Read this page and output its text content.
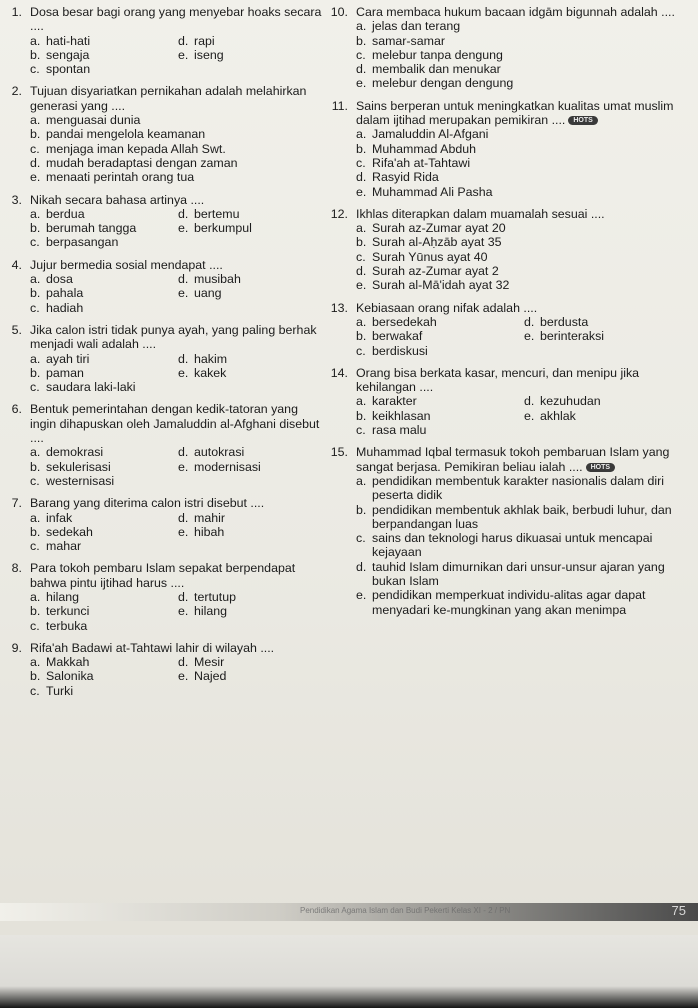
1. Dosa besar bagi orang yang menyebar hoaks secara ....
a. hati-hati	d. rapi
b. sengaja	e. iseng
c. spontan
2. Tujuan disyariatkan pernikahan adalah melahirkan generasi yang ....
a. menguasai dunia
b. pandai mengelola keamanan
c. menjaga iman kepada Allah Swt.
d. mudah beradaptasi dengan zaman
e. menaati perintah orang tua
3. Nikah secara bahasa artinya ....
a. berdua	d. bertemu
b. berumah tangga	e. berkumpul
c. berpasangan
4. Jujur bermedia sosial mendapat ....
a. dosa	d. musibah
b. pahala	e. uang
c. hadiah
5. Jika calon istri tidak punya ayah, yang paling berhak menjadi wali adalah ....
a. ayah tiri	d. hakim
b. paman	e. kakek
c. saudara laki-laki
6. Bentuk pemerintahan dengan kedik-tatoran yang ingin dihapuskan oleh Jamaluddin al-Afghani disebut ....
a. demokrasi	d. autokrasi
b. sekulerisasi	e. modernisasi
c. westernisasi
7. Barang yang diterima calon istri disebut ....
a. infak	d. mahir
b. sedekah	e. hibah
c. mahar
8. Para tokoh pembaru Islam sepakat berpendapat bahwa pintu ijtihad harus ....
a. hilang	d. tertutup
b. terkunci	e. hilang
c. terbuka
9. Rifa'ah Badawi at-Tahtawi lahir di wilayah ....
a. Makkah	d. Mesir
b. Salonika	e. Najed
c. Turki
10. Cara membaca hukum bacaan idgām bigunnah adalah ....
a. jelas dan terang
b. samar-samar
c. melebur tanpa dengung
d. membalik dan menukar
e. melebur dengan dengung
11. Sains berperan untuk meningkatkan kualitas umat muslim dalam ijtihad merupakan pemikiran .... HOTS
a. Jamaluddin Al-Afgani
b. Muhammad Abduh
c. Rifa'ah at-Tahtawi
d. Rasyid Rida
e. Muhammad Ali Pasha
12. Ikhlas diterapkan dalam muamalah sesuai ....
a. Surah az-Zumar ayat 20
b. Surah al-Aḥzāb ayat 35
c. Surah Yūnus ayat 40
d. Surah az-Zumar ayat 2
e. Surah al-Mā'idah ayat 32
13. Kebiasaan orang nifak adalah ....
a. bersedekah	d. berdusta
b. berwakaf	e. berinteraksi
c. berdiskusi
14. Orang bisa berkata kasar, mencuri, dan menipu jika kehilangan ....
a. karakter	d. kezuhudan
b. keikhlasan	e. akhlak
c. rasa malu
15. Muhammad Iqbal termasuk tokoh pembaruan Islam yang sangat berjasa. Pemikiran beliau ialah .... HOTS
a. pendidikan membentuk karakter nasionalis dalam diri peserta didik
b. pendidikan membentuk akhlak baik, berbudi luhur, dan berpandangan luas
c. sains dan teknologi harus dikuasai untuk mencapai kejayaan
d. tauhid Islam dimurnikan dari unsur-unsur ajaran yang bukan Islam
e. pendidikan memperkuat individu-alitas agar dapat menyadari ke-mungkinan yang akan menimpa
Pendidikan Agama Islam dan Budi Pekerti Kelas XI - 2 / PN	75
